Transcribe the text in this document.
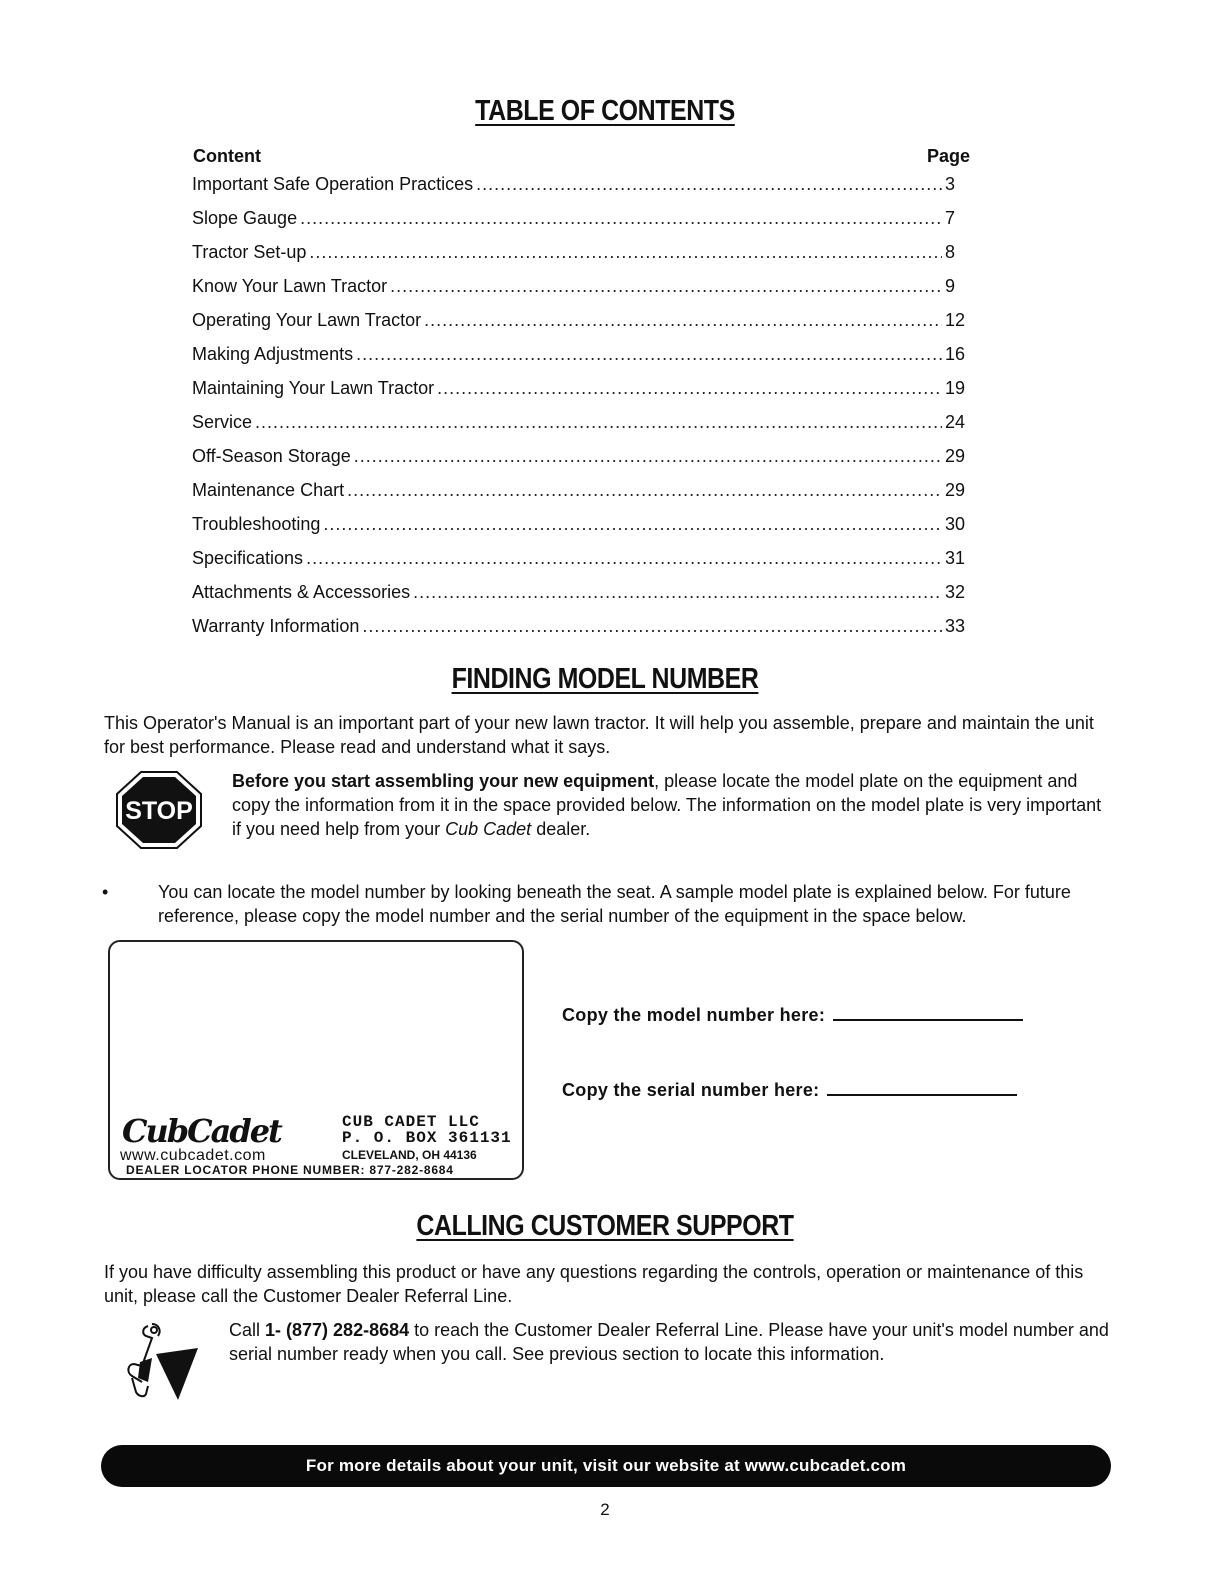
TABLE OF CONTENTS
Content	Page
Important Safe Operation Practices .....	3
Slope Gauge .....	7
Tractor Set-up .....	8
Know Your Lawn Tractor .....	9
Operating Your Lawn Tractor .....	12
Making Adjustments .....	16
Maintaining Your Lawn Tractor .....	19
Service .....	24
Off-Season Storage .....	29
Maintenance Chart .....	29
Troubleshooting .....	30
Specifications .....	31
Attachments & Accessories .....	32
Warranty Information .....	33
FINDING MODEL NUMBER

This Operator's Manual is an important part of your new lawn tractor. It will help you assemble, prepare and maintain the unit for best performance. Please read and understand what it says.

STOP

Before you start assembling your new equipment, please locate the model plate on the equipment and copy the information from it in the space provided below. The information on the model plate is very important if you need help from your Cub Cadet dealer.

•	You can locate the model number by looking beneath the seat. A sample model plate is explained below. For future reference, please copy the model number and the serial number of the equipment in the space below.

CubCadet
www.cubcadet.com
CUB CADET LLC
P. O. BOX 361131
CLEVELAND, OH 44136
DEALER LOCATOR PHONE NUMBER: 877-282-8684
Copy the model number here:
Copy the serial number here:
CALLING CUSTOMER SUPPORT

If you have difficulty assembling this product or have any questions regarding the controls, operation or maintenance of this unit, please call the Customer Dealer Referral Line.

Call 1- (877) 282-8684 to reach the Customer Dealer Referral Line. Please have your unit's model number and serial number ready when you call. See previous section to locate this information.

For more details about your unit, visit our website at www.cubcadet.com
2
